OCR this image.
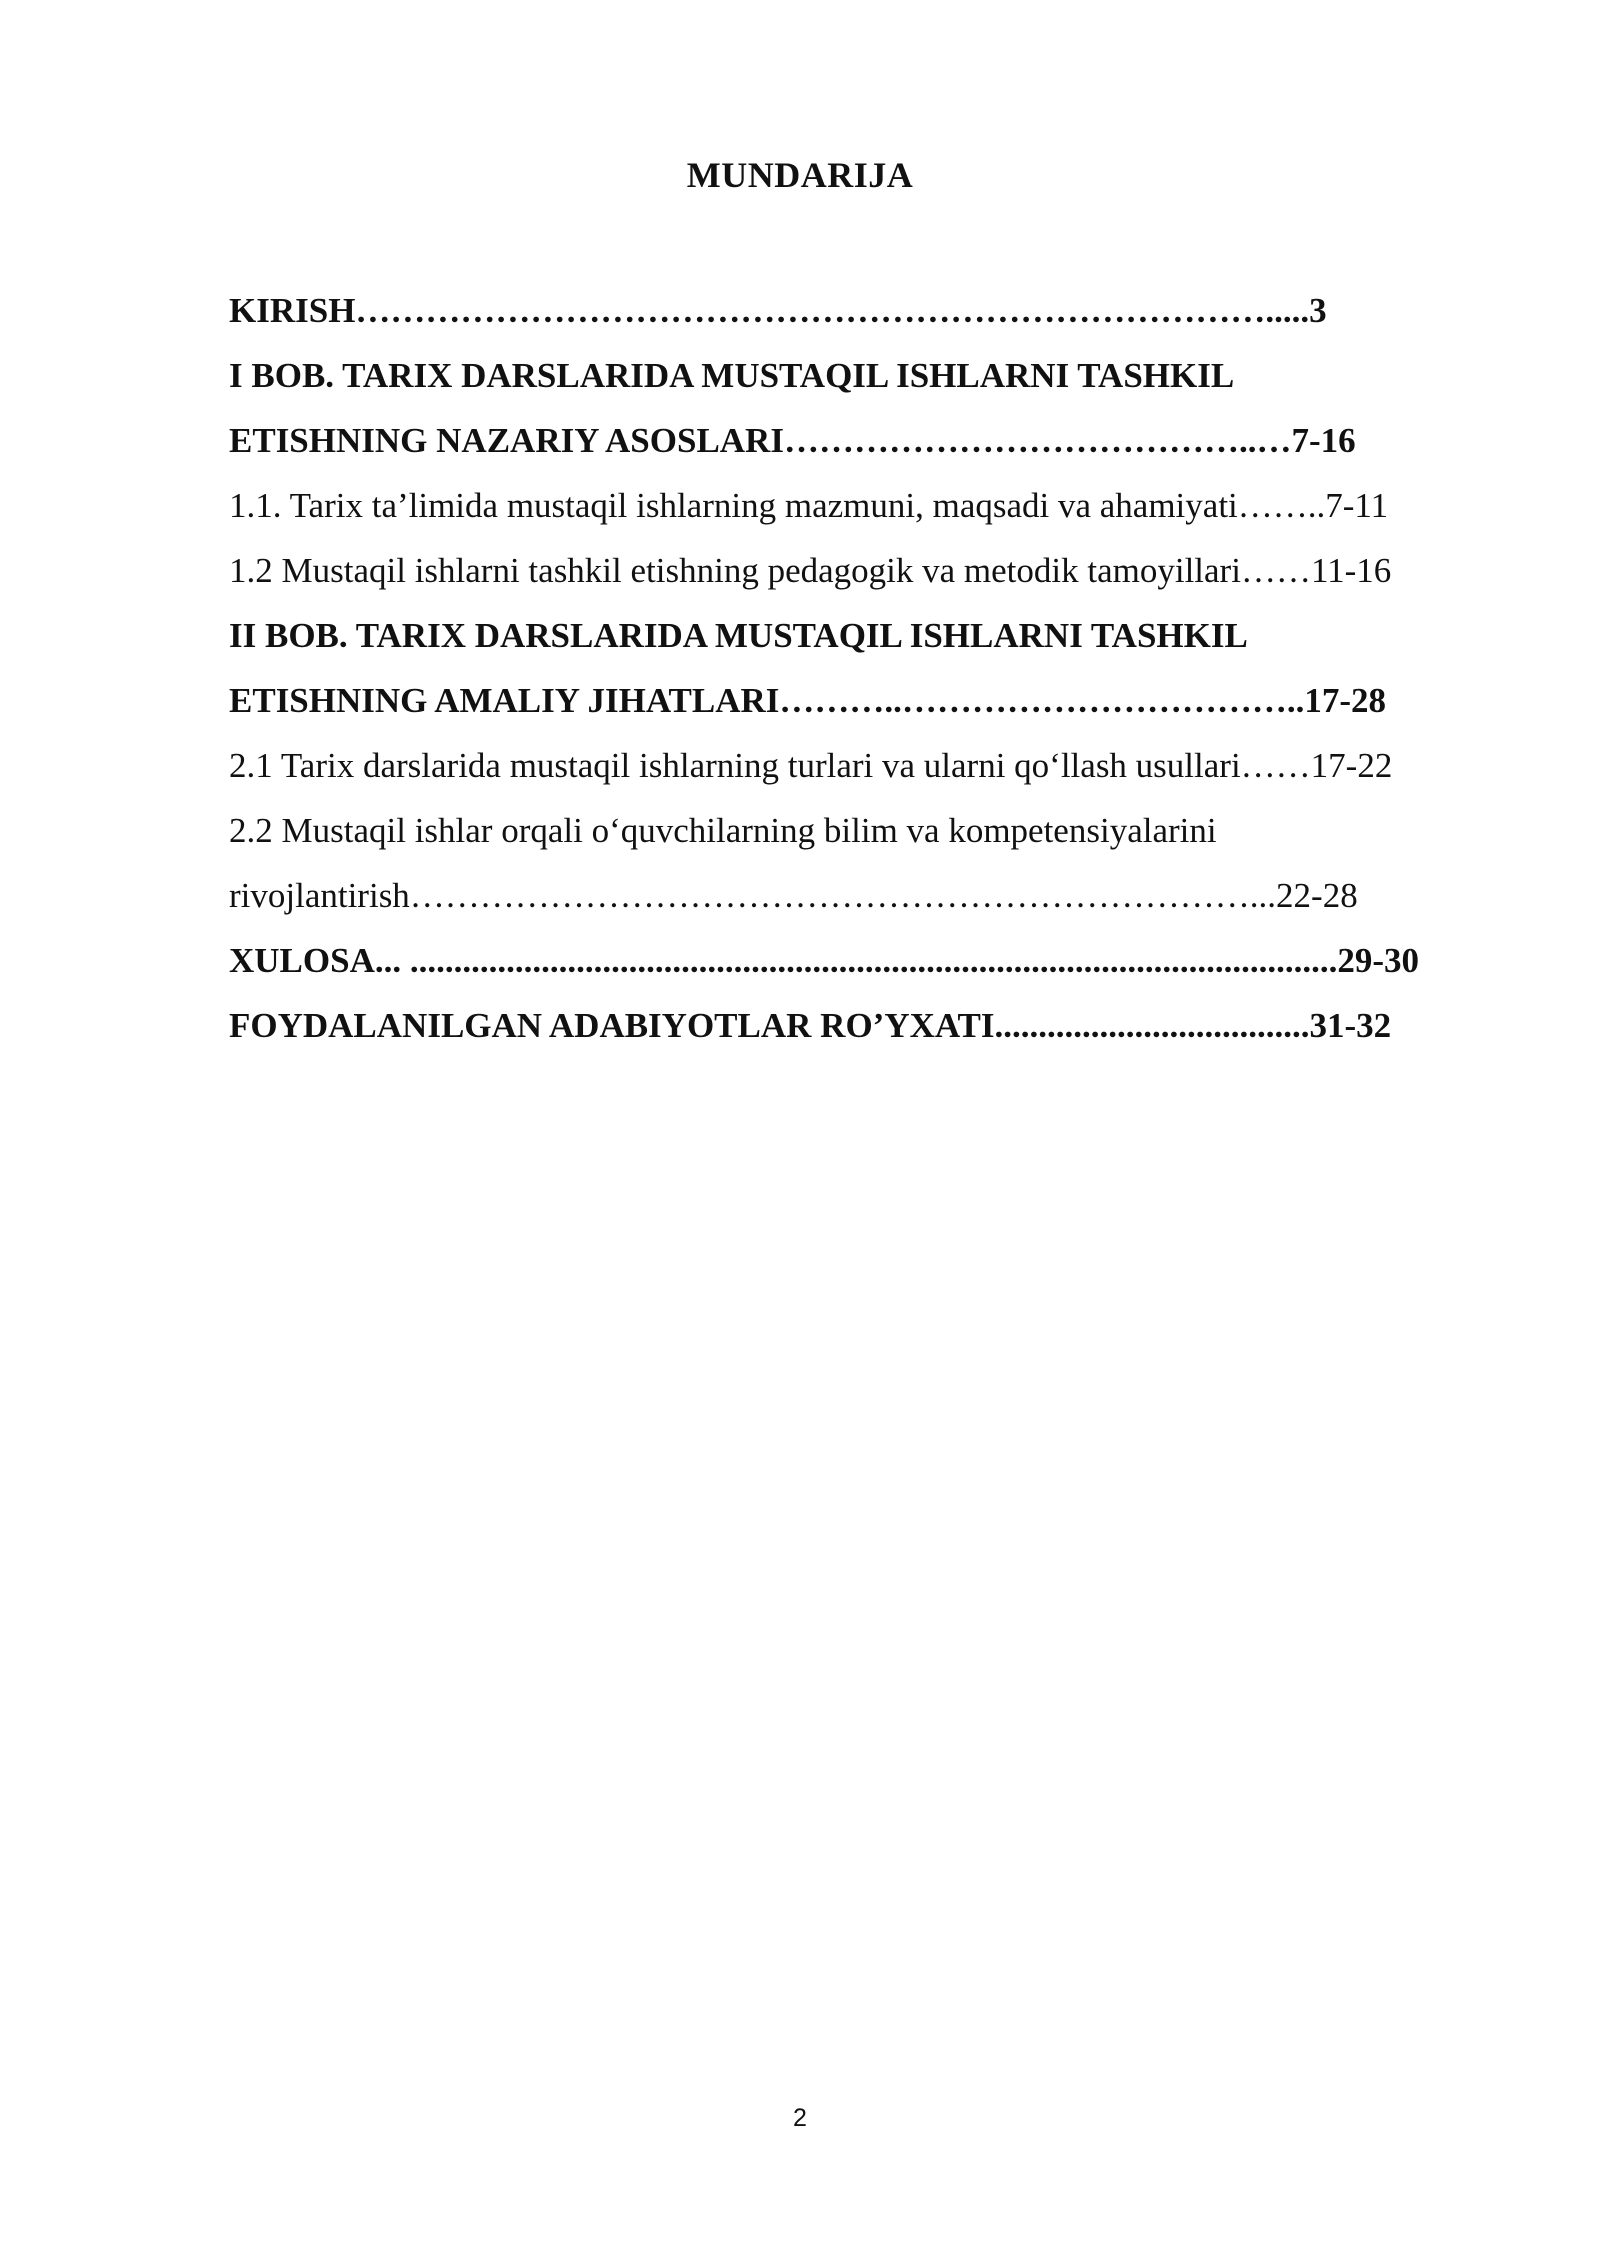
MUNDARIJA
KIRISH…………………………………………………………………….....3
I BOB. TARIX DARSLARIDA MUSTAQIL ISHLARNI TASHKIL
ETISHNING NAZARIY ASOSLARI…………………………………..…7-16
1.1. Tarix ta’limida mustaqil ishlarning mazmuni, maqsadi va ahamiyati……..7-11
1.2 Mustaqil ishlarni tashkil etishning pedagogik va metodik tamoyillari……11-16
II BOB. TARIX DARSLARIDA MUSTAQIL ISHLARNI TASHKIL
ETISHNING AMALIY JIHATLARI………..……………………………..17-28
2.1 Tarix darslarida mustaqil ishlarning turlari va ularni qo‘llash usullari……17-22
2.2 Mustaqil ishlar orqali o‘quvchilarning bilim va kompetensiyalarini
rivojlantirish………………………………………………………………...22-28
XULOSA... ..........................................................................................................29-30
FOYDALANILGAN ADABIYOTLAR RO’YXATI....................................31-32
2
